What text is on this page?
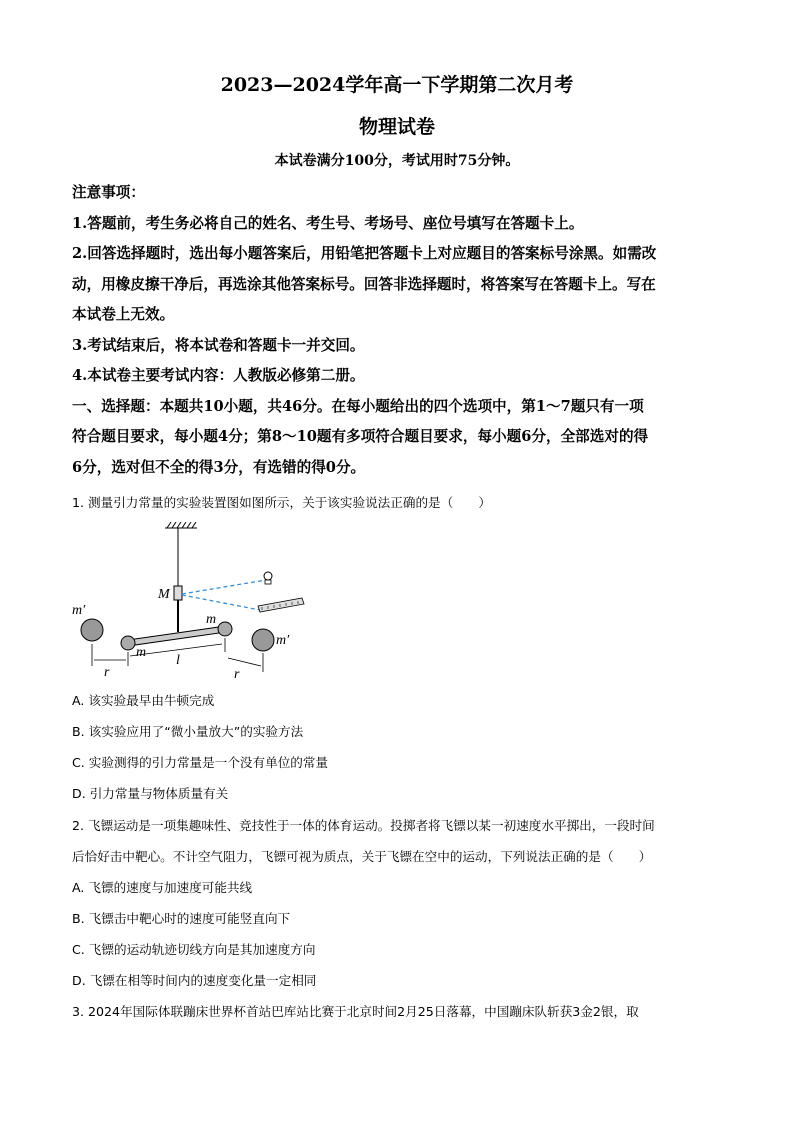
2023—2024学年高一下学期第二次月考
物理试卷
本试卷满分100分，考试用时75分钟。
注意事项：
1.答题前，考生务必将自己的姓名、考生号、考场号、座位号填写在答题卡上。
2.回答选择题时，选出每小题答案后，用铅笔把答题卡上对应题目的答案标号涂黑。如需改
动，用橡皮擦干净后，再选涂其他答案标号。回答非选择题时，将答案写在答题卡上。写在
本试卷上无效。
3.考试结束后，将本试卷和答题卡一并交回。
4.本试卷主要考试内容：人教版必修第二册。
一、选择题：本题共10小题，共46分。在每小题给出的四个选项中，第1～7题只有一项
符合题目要求，每小题4分；第8～10题有多项符合题目要求，每小题6分，全部选对的得
6分，选对但不全的得3分，有选错的得0分。
1. 测量引力常量的实验装置图如图所示，关于该实验说法正确的是（　　）
M
m′
m′
m
m
l
r	r
A. 该实验最早由牛顿完成
B. 该实验应用了“微小量放大”的实验方法
C. 实验测得的引力常量是一个没有单位的常量
D. 引力常量与物体质量有关
2. 飞镖运动是一项集趣味性、竞技性于一体的体育运动。投掷者将飞镖以某一初速度水平掷出，一段时间
后恰好击中靶心。不计空气阻力，飞镖可视为质点，关于飞镖在空中的运动，下列说法正确的是（　　）
A. 飞镖的速度与加速度可能共线
B. 飞镖击中靶心时的速度可能竖直向下
C. 飞镖的运动轨迹切线方向是其加速度方向
D. 飞镖在相等时间内的速度变化量一定相同
3. 2024年国际体联蹦床世界杯首站巴库站比赛于北京时间2月25日落幕，中国蹦床队斩获3金2银，取
